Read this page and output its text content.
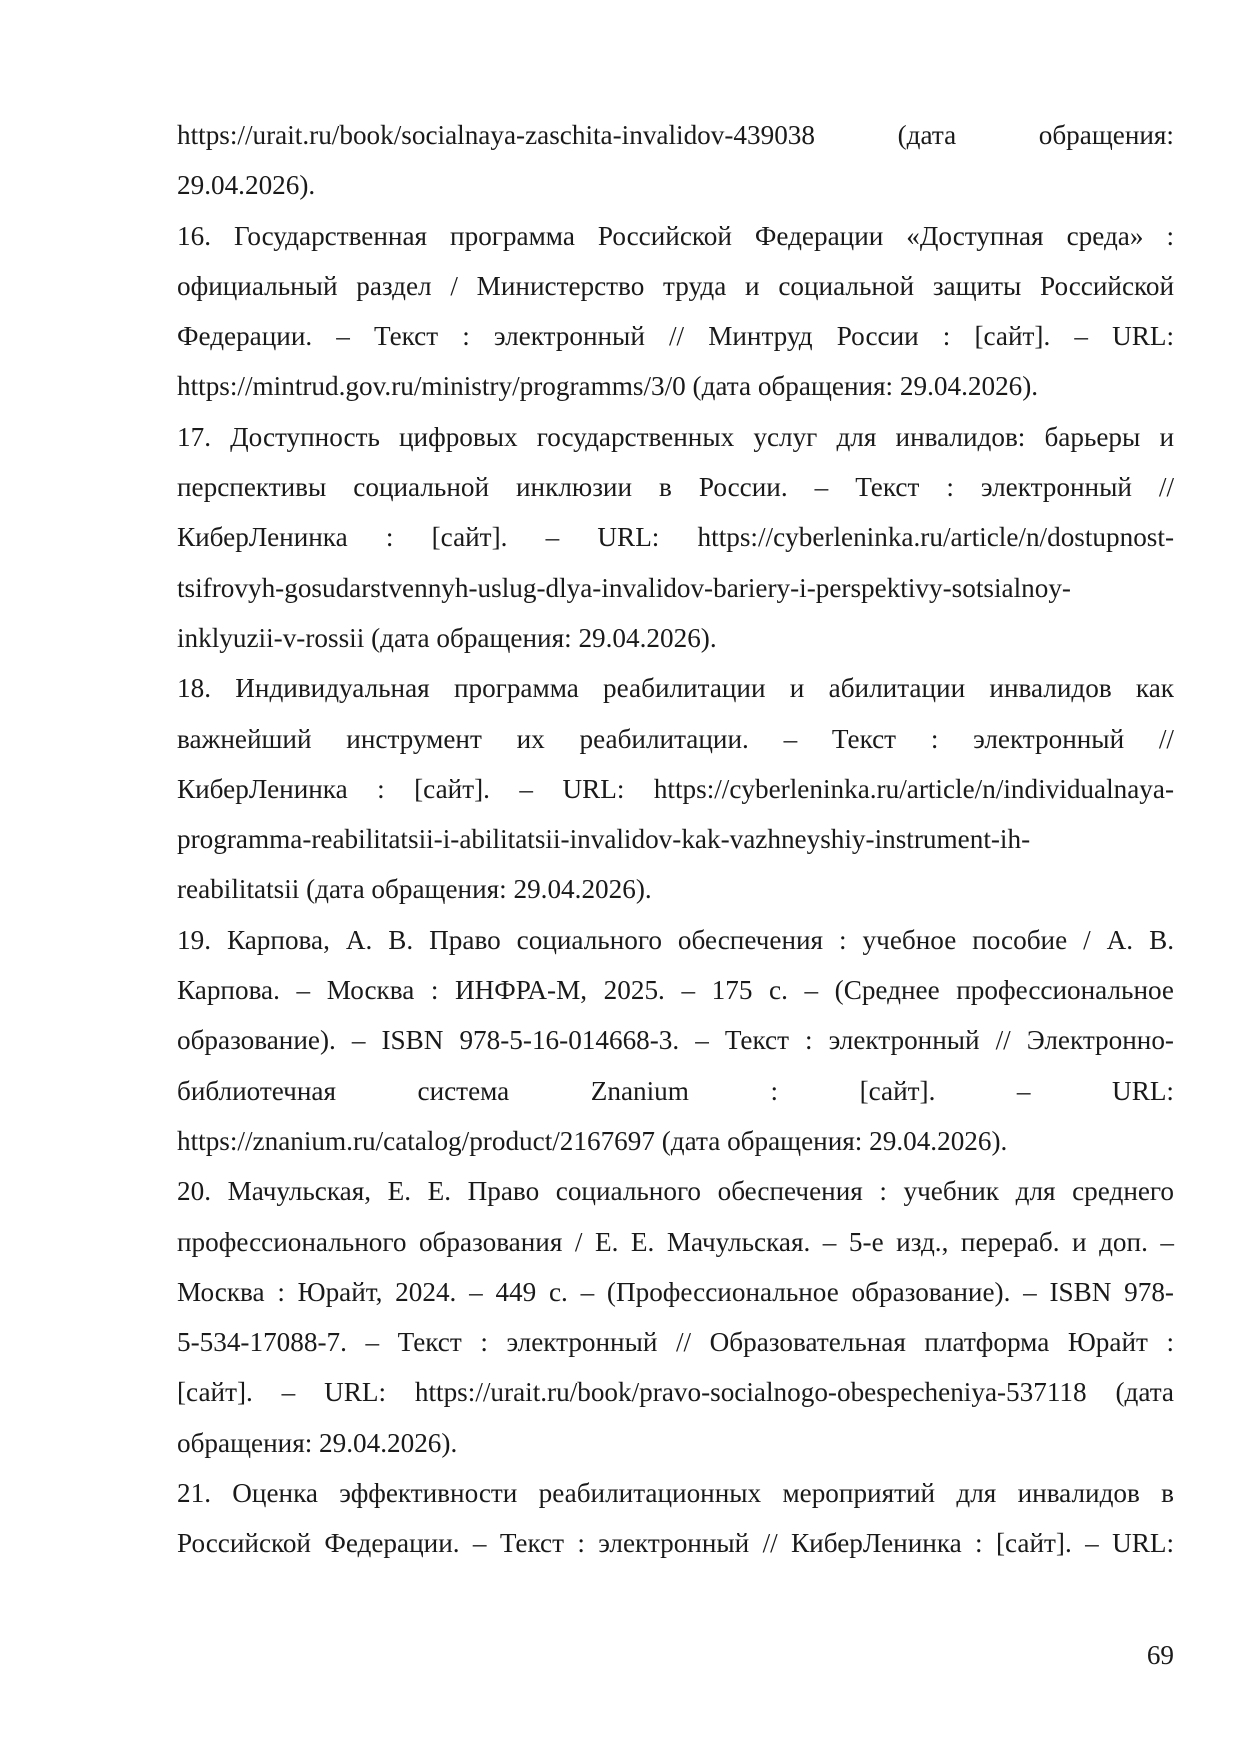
https://urait.ru/book/socialnaya-zaschita-invalidov-439038 (дата обращения:
29.04.2026).
16. Государственная программа Российской Федерации «Доступная среда» :
официальный раздел / Министерство труда и социальной защиты Российской
Федерации. – Текст : электронный // Минтруд России : [сайт]. – URL:
https://mintrud.gov.ru/ministry/programms/3/0 (дата обращения: 29.04.2026).
17. Доступность цифровых государственных услуг для инвалидов: барьеры и
перспективы социальной инклюзии в России. – Текст : электронный //
КиберЛенинка : [сайт]. – URL: https://cyberleninka.ru/article/n/dostupnost-
tsifrovyh-gosudarstvennyh-uslug-dlya-invalidov-bariery-i-perspektivy-sotsialnoy-
inklyuzii-v-rossii (дата обращения: 29.04.2026).
18. Индивидуальная программа реабилитации и абилитации инвалидов как
важнейший инструмент их реабилитации. – Текст : электронный //
КиберЛенинка : [сайт]. – URL: https://cyberleninka.ru/article/n/individualnaya-
programma-reabilitatsii-i-abilitatsii-invalidov-kak-vazhneyshiy-instrument-ih-
reabilitatsii (дата обращения: 29.04.2026).
19. Карпова, А. В. Право социального обеспечения : учебное пособие / А. В.
Карпова. – Москва : ИНФРА-М, 2025. – 175 с. – (Среднее профессиональное
образование). – ISBN 978-5-16-014668-3. – Текст : электронный // Электронно-
библиотечная система Znanium : [сайт]. – URL:
https://znanium.ru/catalog/product/2167697 (дата обращения: 29.04.2026).
20. Мачульская, Е. Е. Право социального обеспечения : учебник для среднего
профессионального образования / Е. Е. Мачульская. – 5-е изд., перераб. и доп. –
Москва : Юрайт, 2024. – 449 с. – (Профессиональное образование). – ISBN 978-
5-534-17088-7. – Текст : электронный // Образовательная платформа Юрайт :
[сайт]. – URL: https://urait.ru/book/pravo-socialnogo-obespecheniya-537118 (дата
обращения: 29.04.2026).
21. Оценка эффективности реабилитационных мероприятий для инвалидов в
Российской Федерации. – Текст : электронный // КиберЛенинка : [сайт]. – URL:
69
